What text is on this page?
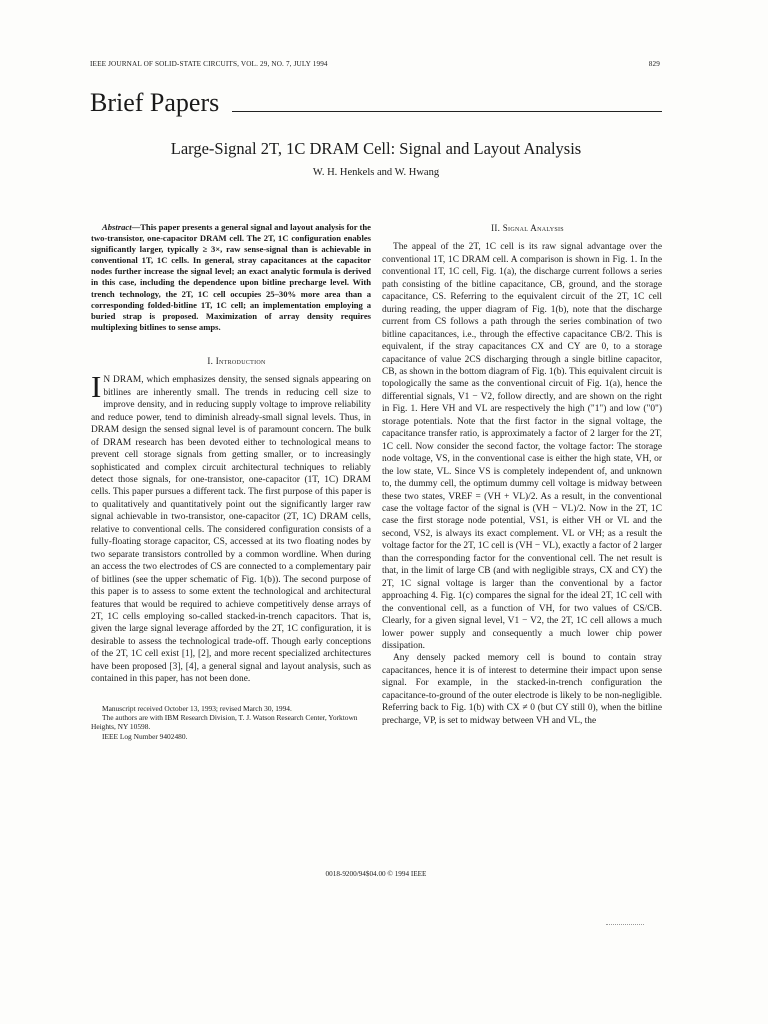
IEEE JOURNAL OF SOLID-STATE CIRCUITS, VOL. 29, NO. 7, JULY 1994	829
Brief Papers
Large-Signal 2T, 1C DRAM Cell: Signal and Layout Analysis
W. H. Henkels and W. Hwang

Abstract—This paper presents a general signal and layout analysis for the two-transistor, one-capacitor DRAM cell. The 2T, 1C configuration enables significantly larger, typically ≥ 3×, raw sense-signal than is achievable in conventional 1T, 1C cells. In general, stray capacitances at the capacitor nodes further increase the signal level; an exact analytic formula is derived in this case, including the dependence upon bitline precharge level. With trench technology, the 2T, 1C cell occupies 25–30% more area than a corresponding folded-bitline 1T, 1C cell; an implementation employing a buried strap is proposed. Maximization of array density requires multiplexing bitlines to sense amps.

I. Introduction

I N DRAM, which emphasizes density, the sensed signals appearing on bitlines are inherently small. The trends in reducing cell size to improve density, and in reducing supply voltage to improve reliability and reduce power, tend to diminish already-small signal levels. Thus, in DRAM design the sensed signal level is of paramount concern. The bulk of DRAM research has been devoted either to technological means to prevent cell storage signals from getting smaller, or to increasingly sophisticated and complex circuit architectural techniques to reliably detect those signals, for one-transistor, one-capacitor (1T, 1C) DRAM cells. This paper pursues a different tack. The first purpose of this paper is to qualitatively and quantitatively point out the significantly larger raw signal achievable in two-transistor, one-capacitor (2T, 1C) DRAM cells, relative to conventional cells. The considered configuration consists of a fully-floating storage capacitor, CS, accessed at its two floating nodes by two separate transistors controlled by a common wordline. When during an access the two electrodes of CS are connected to a complementary pair of bitlines (see the upper schematic of Fig. 1(b)). The second purpose of this paper is to assess to some extent the technological and architectural features that would be required to achieve competitively dense arrays of 2T, 1C cells employing so-called stacked-in-trench capacitors. That is, given the large signal leverage afforded by the 2T, 1C configuration, it is desirable to assess the technological trade-off. Though early conceptions of the 2T, 1C cell exist [1], [2], and more recent specialized architectures have been proposed [3], [4], a general signal and layout analysis, such as contained in this paper, has not been done.

Manuscript received October 13, 1993; revised March 30, 1994.

The authors are with IBM Research Division, T. J. Watson Research Center, Yorktown Heights, NY 10598.

IEEE Log Number 9402480.

II. Signal Analysis

The appeal of the 2T, 1C cell is its raw signal advantage over the conventional 1T, 1C DRAM cell. A comparison is shown in Fig. 1. In the conventional 1T, 1C cell, Fig. 1(a), the discharge current follows a series path consisting of the bitline capacitance, CB, ground, and the storage capacitance, CS. Referring to the equivalent circuit of the 2T, 1C cell during reading, the upper diagram of Fig. 1(b), note that the discharge current from CS follows a path through the series combination of two bitline capacitances, i.e., through the effective capacitance CB/2. This is equivalent, if the stray capacitances CX and CY are 0, to a storage capacitance of value 2CS discharging through a single bitline capacitor, CB, as shown in the bottom diagram of Fig. 1(b). This equivalent circuit is topologically the same as the conventional circuit of Fig. 1(a), hence the differential signals, V1 − V2, follow directly, and are shown on the right in Fig. 1. Here VH and VL are respectively the high ("1") and low ("0") storage potentials. Note that the first factor in the signal voltage, the capacitance transfer ratio, is approximately a factor of 2 larger for the 2T, 1C cell. Now consider the second factor, the voltage factor: The storage node voltage, VS, in the conventional case is either the high state, VH, or the low state, VL. Since VS is completely independent of, and unknown to, the dummy cell, the optimum dummy cell voltage is midway between these two states, VREF = (VH + VL)/2. As a result, in the conventional case the voltage factor of the signal is (VH − VL)/2. Now in the 2T, 1C case the first storage node potential, VS1, is either VH or VL and the second, VS2, is always its exact complement. VL or VH; as a result the voltage factor for the 2T, 1C cell is (VH − VL), exactly a factor of 2 larger than the corresponding factor for the conventional cell. The net result is that, in the limit of large CB (and with negligible strays, CX and CY) the 2T, 1C signal voltage is larger than the conventional by a factor approaching 4. Fig. 1(c) compares the signal for the ideal 2T, 1C cell with the conventional cell, as a function of VH, for two values of CS/CB. Clearly, for a given signal level, V1 − V2, the 2T, 1C cell allows a much lower power supply and consequently a much lower chip power dissipation.

Any densely packed memory cell is bound to contain stray capacitances, hence it is of interest to determine their impact upon sense signal. For example, in the stacked-in-trench configuration the capacitance-to-ground of the outer electrode is likely to be non-negligible. Referring back to Fig. 1(b) with CX ≠ 0 (but CY still 0), when the bitline precharge, VP, is set to midway between VH and VL, the

0018-9200/94$04.00 © 1994 IEEE
